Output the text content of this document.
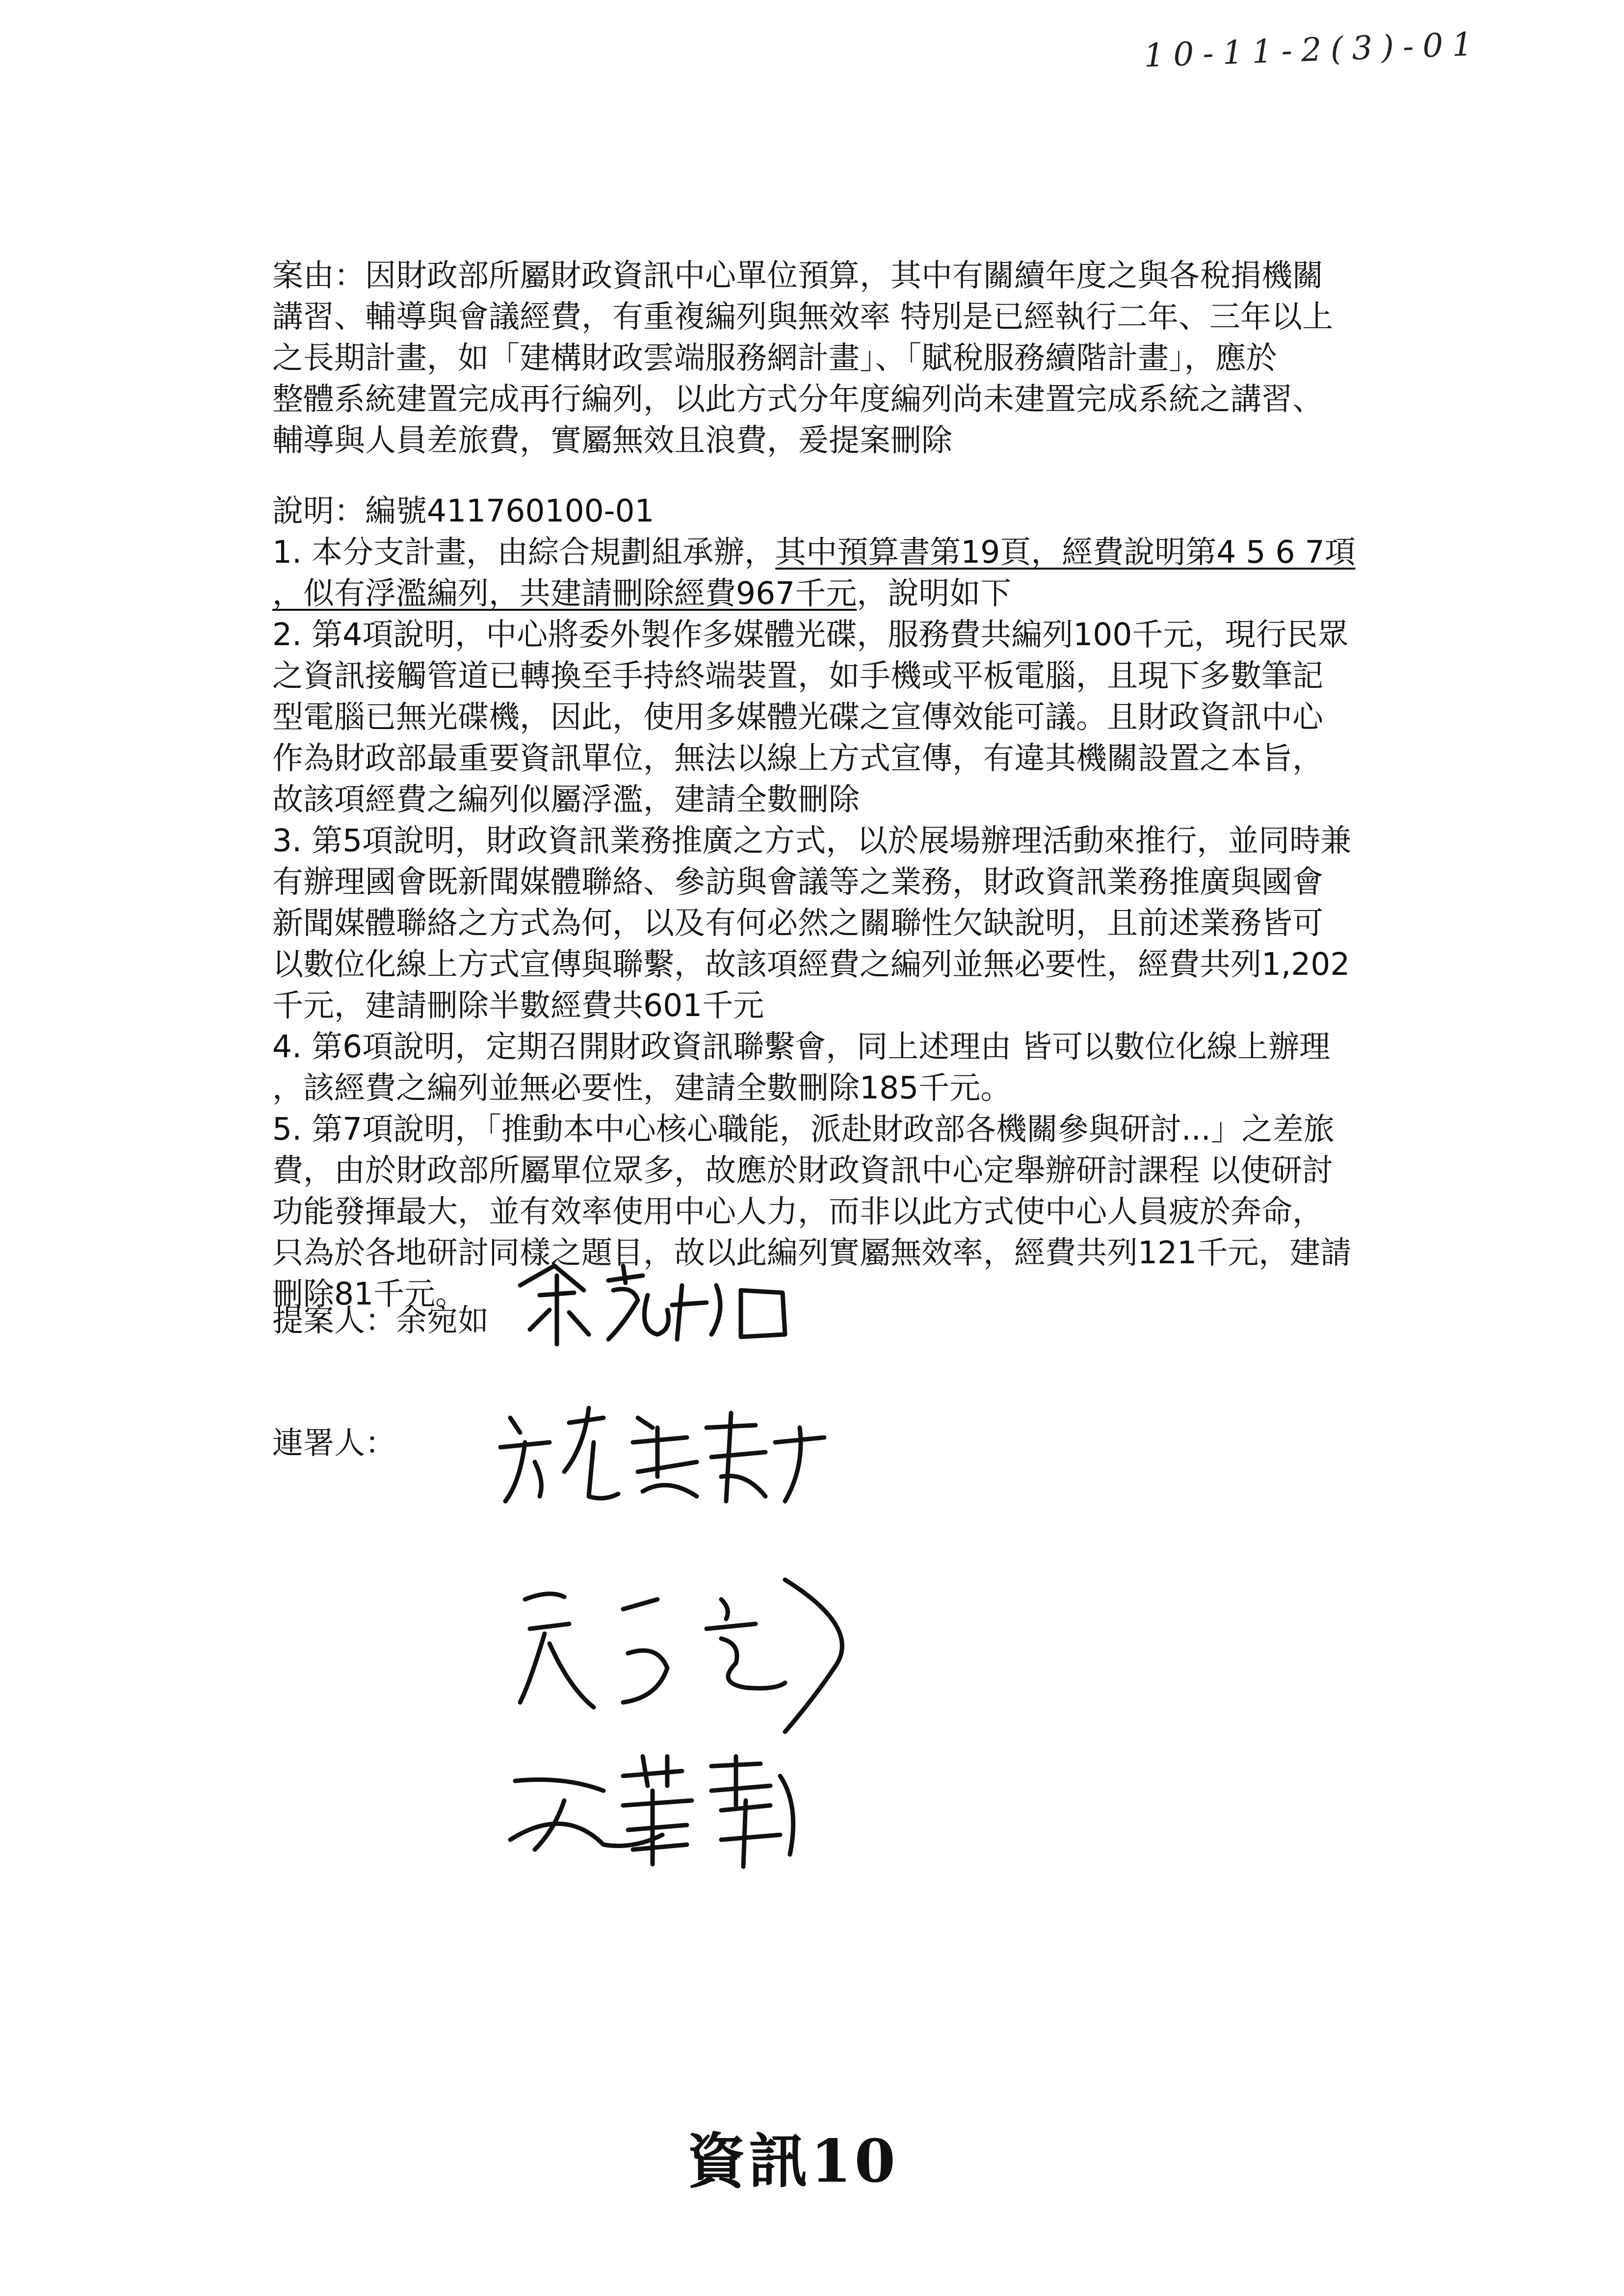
10-11-2(3)-01
案由：因財政部所屬財政資訊中心單位預算，其中有關續年度之與各稅捐機關
講習、輔導與會議經費，有重複編列與無效率 特別是已經執行二年、三年以上
之長期計畫，如「建構財政雲端服務網計畫」、「賦稅服務續階計畫」，應於
整體系統建置完成再行編列，以此方式分年度編列尚未建置完成系統之講習、
輔導與人員差旅費，實屬無效且浪費，爰提案刪除
說明：編號411760100-01
1. 本分支計畫，由綜合規劃組承辦，其中預算書第19頁，經費說明第4 5 6 7項
，似有浮濫編列，共建請刪除經費967千元，說明如下
2. 第4項說明，中心將委外製作多媒體光碟，服務費共編列100千元，現行民眾
之資訊接觸管道已轉換至手持終端裝置，如手機或平板電腦，且現下多數筆記
型電腦已無光碟機，因此，使用多媒體光碟之宣傳效能可議。且財政資訊中心
作為財政部最重要資訊單位，無法以線上方式宣傳，有違其機關設置之本旨，
故該項經費之編列似屬浮濫，建請全數刪除
3. 第5項說明，財政資訊業務推廣之方式，以於展場辦理活動來推行，並同時兼
有辦理國會既新聞媒體聯絡、參訪與會議等之業務，財政資訊業務推廣與國會
新聞媒體聯絡之方式為何，以及有何必然之關聯性欠缺說明，且前述業務皆可
以數位化線上方式宣傳與聯繫，故該項經費之編列並無必要性，經費共列1,202
千元，建請刪除半數經費共601千元
4. 第6項說明，定期召開財政資訊聯繫會，同上述理由 皆可以數位化線上辦理
，該經費之編列並無必要性，建請全數刪除185千元。
5. 第7項說明，「推動本中心核心職能，派赴財政部各機關參與研討...」之差旅
費，由於財政部所屬單位眾多，故應於財政資訊中心定舉辦研討課程 以使研討
功能發揮最大，並有效率使用中心人力，而非以此方式使中心人員疲於奔命，
只為於各地研討同樣之題目，故以此編列實屬無效率，經費共列121千元，建請
刪除81千元。
提案人：余宛如
連署人：
資訊10
